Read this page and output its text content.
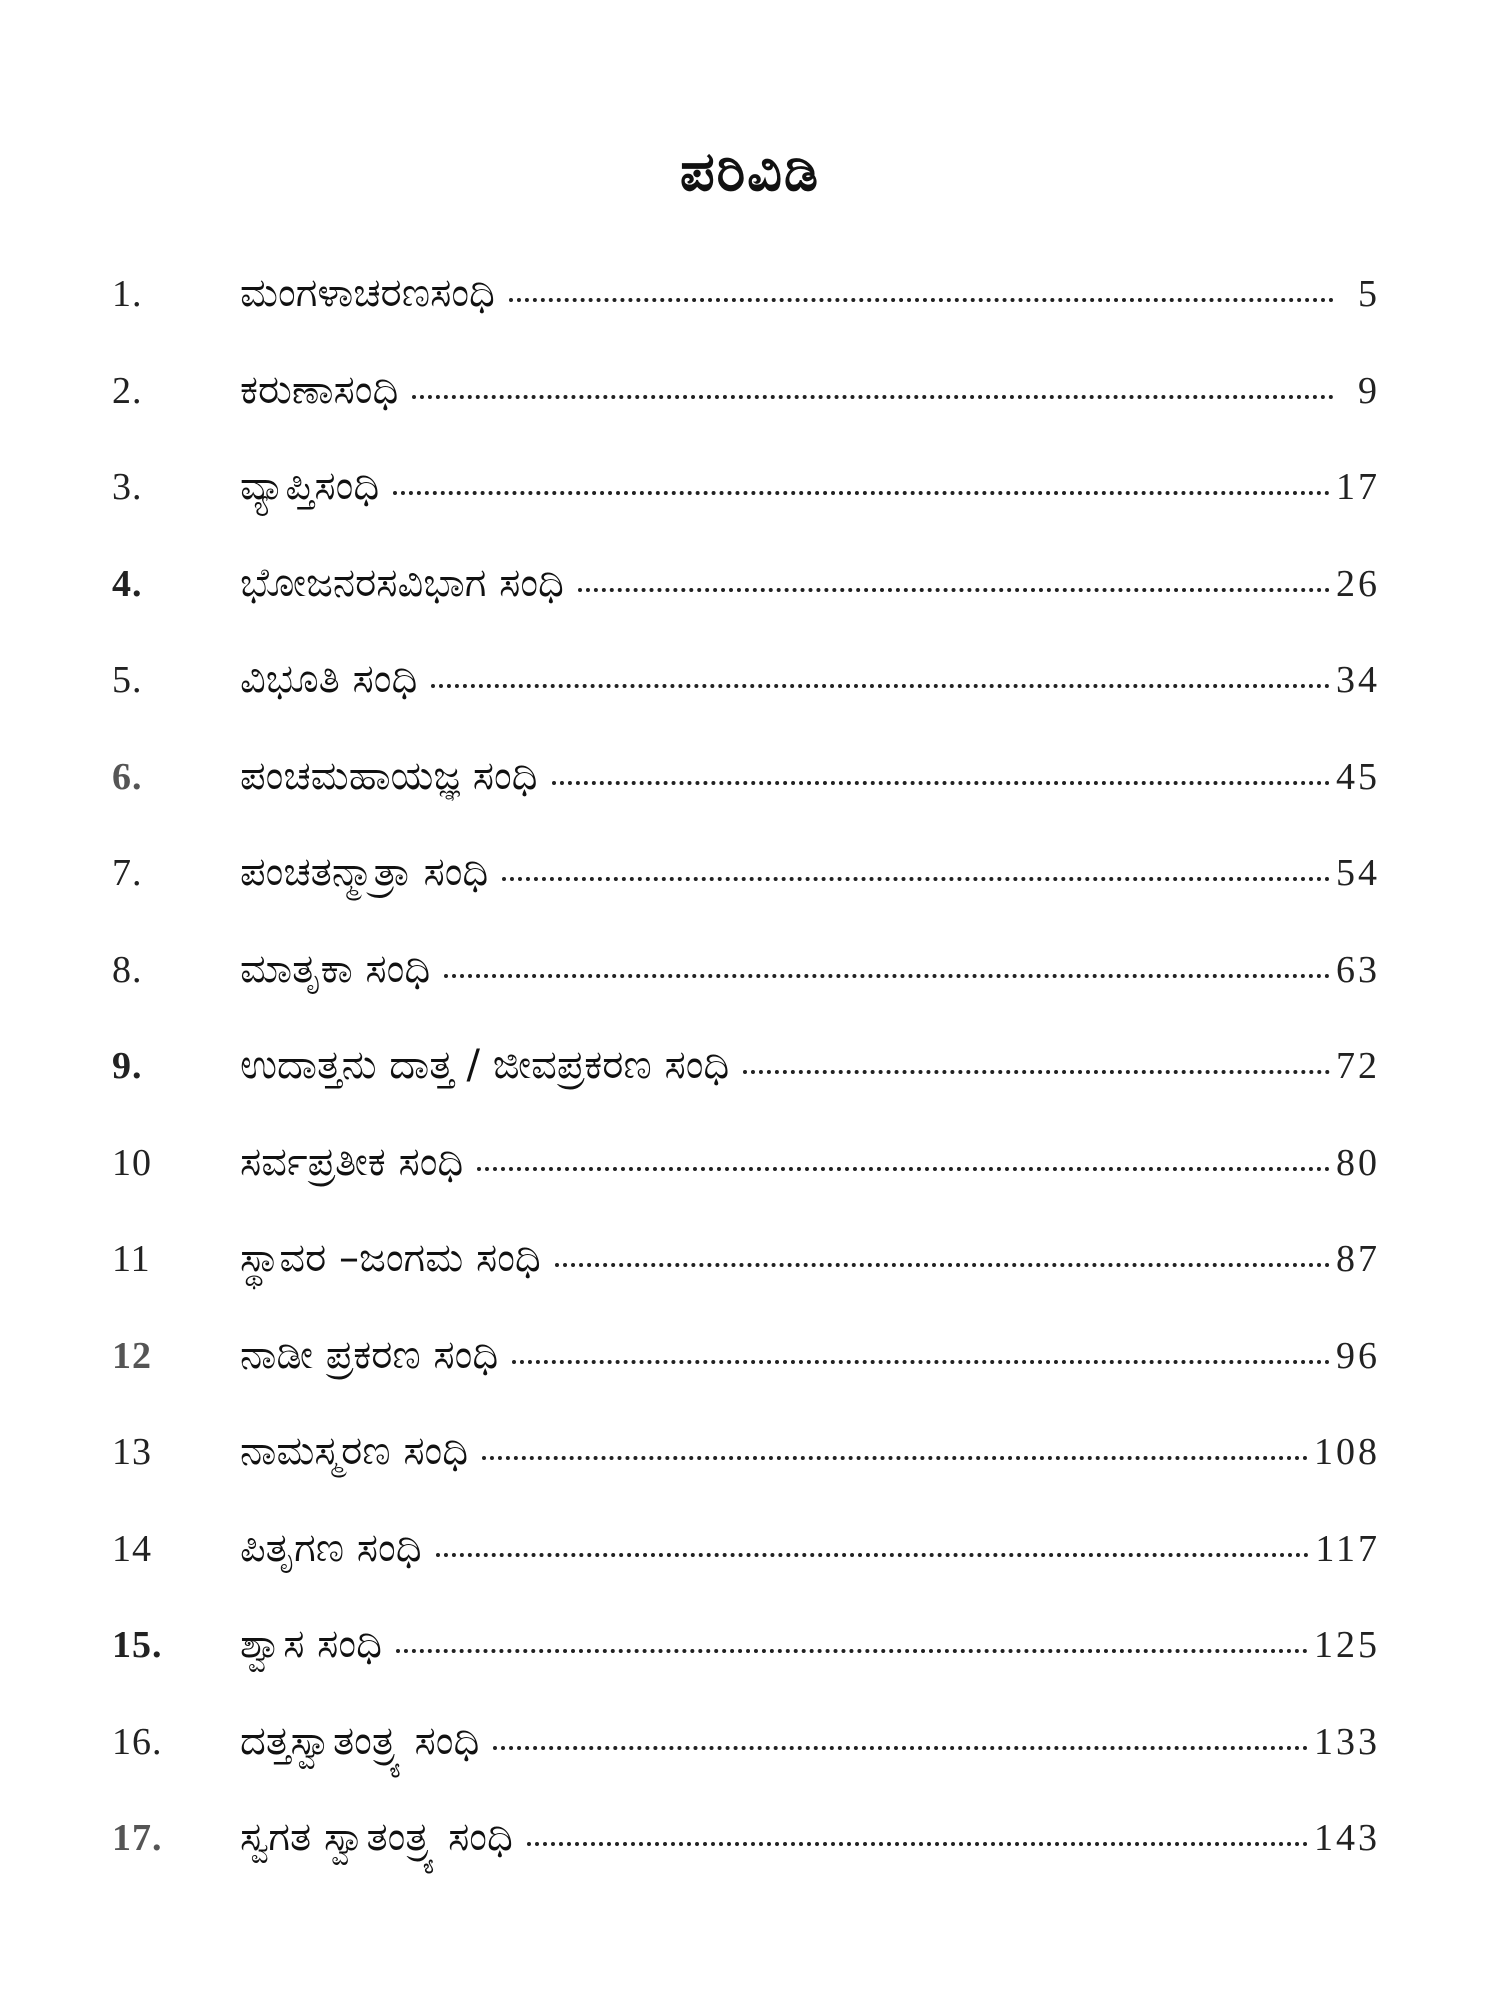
ಪರಿವಿಡಿ
1.	ಮಂಗಳಾಚರಣಸಂಧಿ	5
2.	ಕರುಣಾಸಂಧಿ	9
3.	ವ್ಯಾಪ್ತಿಸಂಧಿ	17
4.	ಭೋಜನರಸವಿಭಾಗ ಸಂಧಿ	26
5.	ವಿಭೂತಿ ಸಂಧಿ	34
6.	ಪಂಚಮಹಾಯಜ್ಞ ಸಂಧಿ	45
7.	ಪಂಚತನ್ಮಾತ್ರಾ ಸಂಧಿ	54
8.	ಮಾತೃಕಾ ಸಂಧಿ	63
9.	ಉದಾತ್ತನು ದಾತ್ತ / ಜೀವಪ್ರಕರಣ ಸಂಧಿ	72
10	ಸರ್ವಪ್ರತೀಕ ಸಂಧಿ	80
11	ಸ್ಥಾವರ –ಜಂಗಮ ಸಂಧಿ	87
12	ನಾಡೀ ಪ್ರಕರಣ ಸಂಧಿ	96
13	ನಾಮಸ್ಮರಣ ಸಂಧಿ	108
14	ಪಿತೃಗಣ ಸಂಧಿ	117
15.	ಶ್ವಾಸ ಸಂಧಿ	125
16.	ದತ್ತಸ್ವಾತಂತ್ರ್ಯ ಸಂಧಿ	133
17.	ಸ್ವಗತ ಸ್ವಾತಂತ್ರ್ಯ ಸಂಧಿ	143
